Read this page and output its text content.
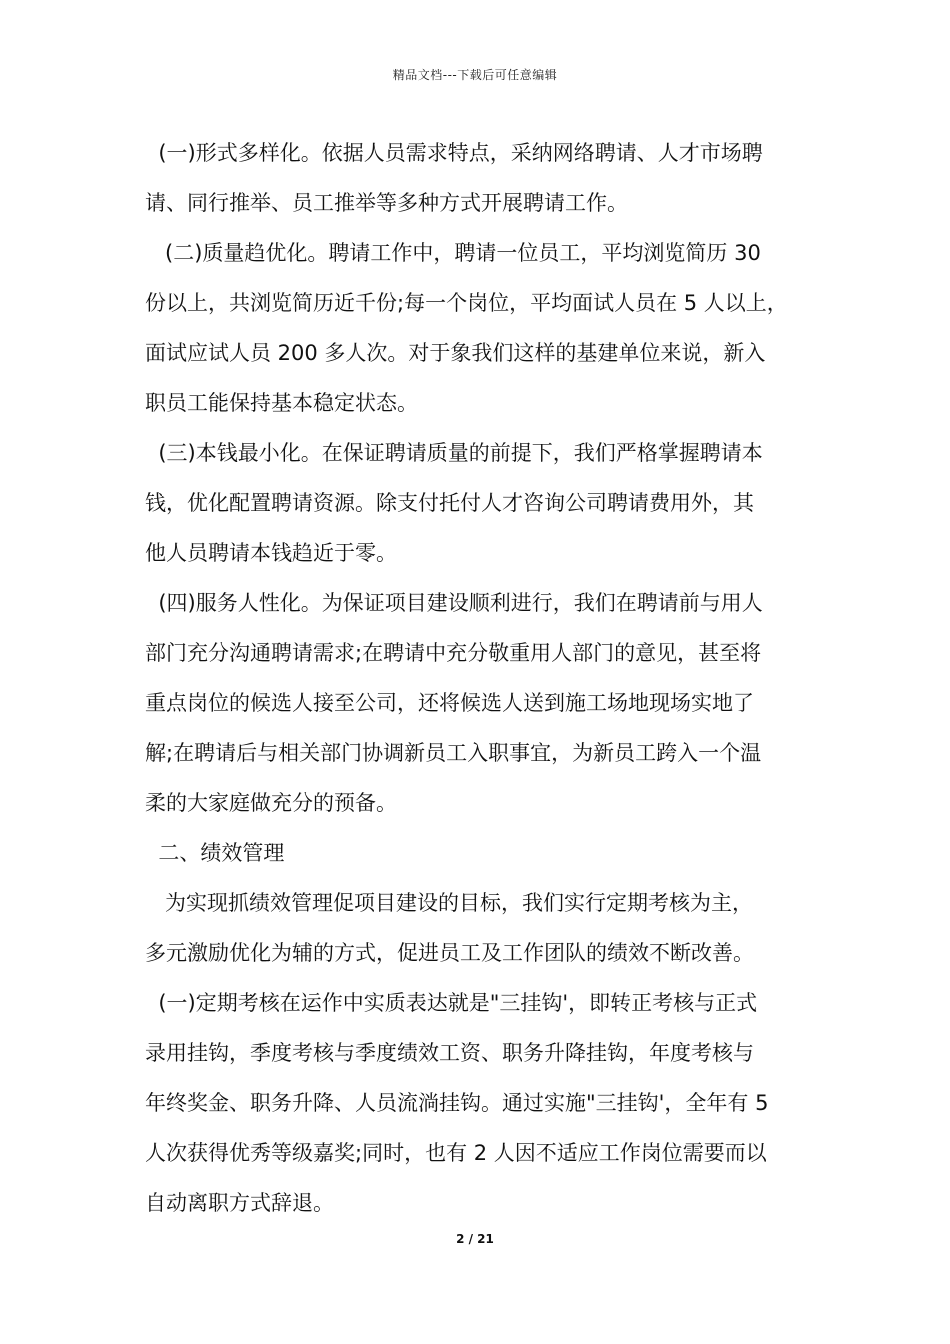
精品文档---下载后可任意编辑
(一)形式多样化。依据人员需求特点，采纳网络聘请、人才市场聘
请、同行推举、员工推举等多种方式开展聘请工作。
(二)质量趋优化。聘请工作中，聘请一位员工，平均浏览简历 30
份以上，共浏览简历近千份;每一个岗位，平均面试人员在 5 人以上，
面试应试人员 200 多人次。对于象我们这样的基建单位来说，新入
职员工能保持基本稳定状态。
(三)本钱最小化。在保证聘请质量的前提下，我们严格掌握聘请本
钱，优化配置聘请资源。除支付托付人才咨询公司聘请费用外，其
他人员聘请本钱趋近于零。
(四)服务人性化。为保证项目建设顺利进行，我们在聘请前与用人
部门充分沟通聘请需求;在聘请中充分敬重用人部门的意见，甚至将
重点岗位的候选人接至公司，还将候选人送到施工场地现场实地了
解;在聘请后与相关部门协调新员工入职事宜，为新员工跨入一个温
柔的大家庭做充分的预备。
二、绩效管理
为实现抓绩效管理促项目建设的目标，我们实行定期考核为主，
多元激励优化为辅的方式，促进员工及工作团队的绩效不断改善。
(一)定期考核在运作中实质表达就是"三挂钩'，即转正考核与正式
录用挂钩，季度考核与季度绩效工资、职务升降挂钩，年度考核与
年终奖金、职务升降、人员流淌挂钩。通过实施"三挂钩'，全年有 5
人次获得优秀等级嘉奖;同时，也有 2 人因不适应工作岗位需要而以
自动离职方式辞退。
2 / 21
